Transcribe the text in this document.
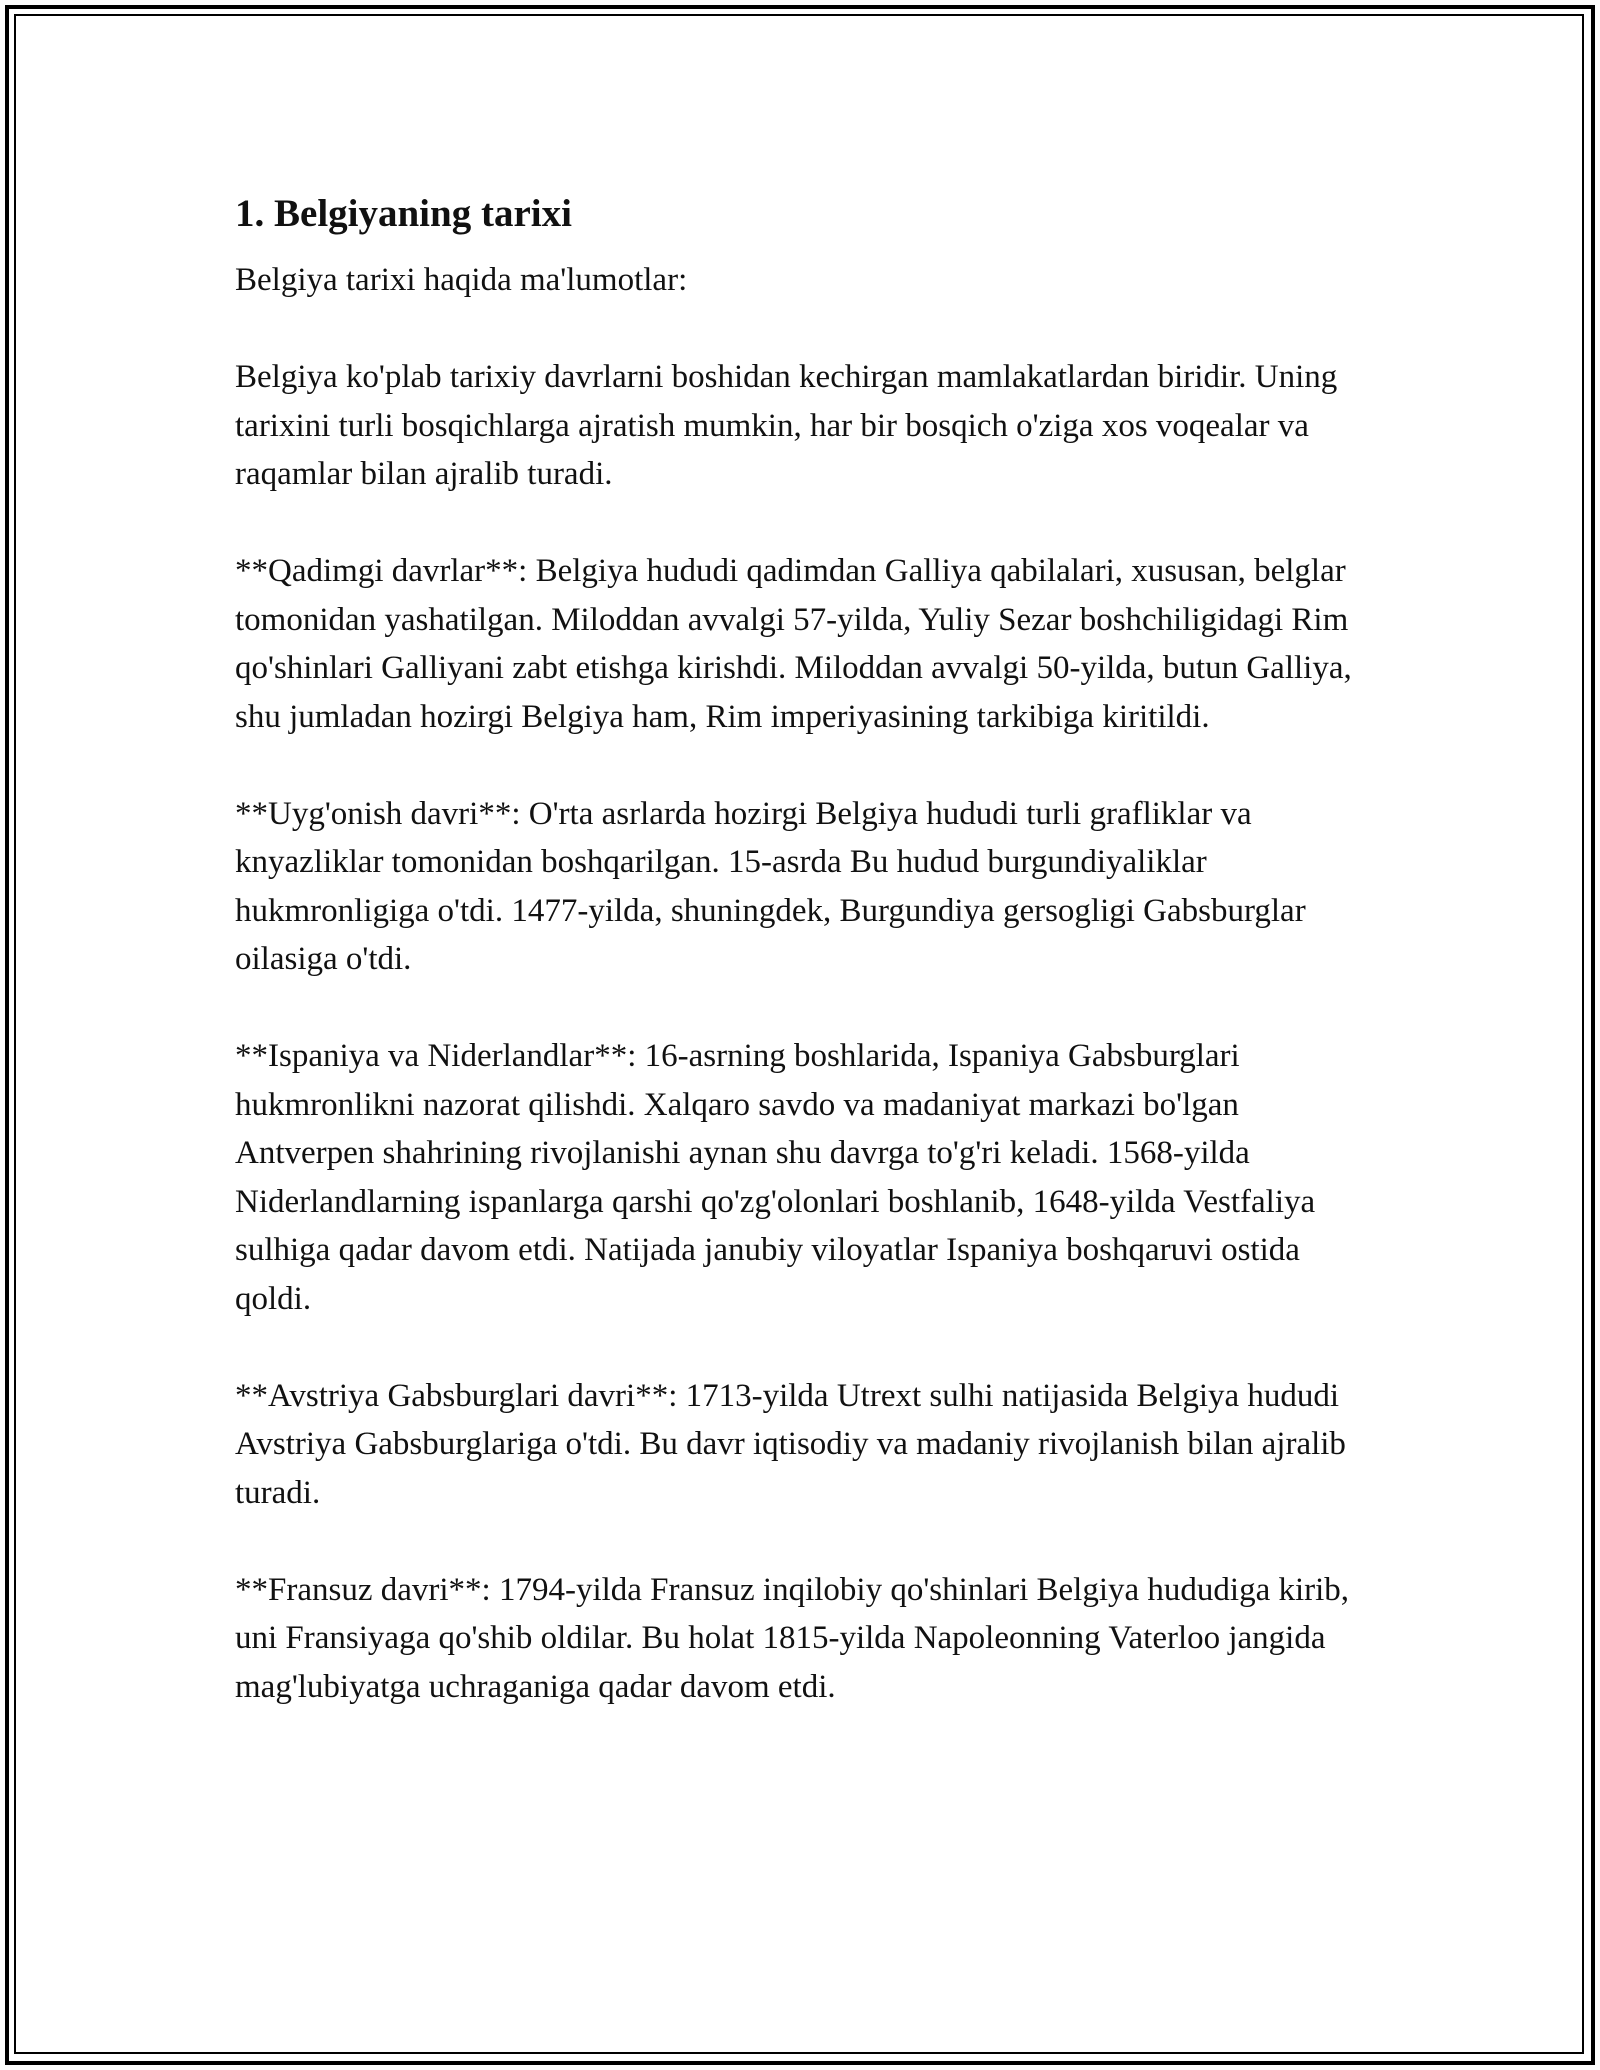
1. Belgiyaning tarixi

Belgiya tarixi haqida ma'lumotlar:

Belgiya ko'plab tarixiy davrlarni boshidan kechirgan mamlakatlardan biridir. Uning tarixini turli bosqichlarga ajratish mumkin, har bir bosqich o'ziga xos voqealar va raqamlar bilan ajralib turadi.

**Qadimgi davrlar**: Belgiya hududi qadimdan Galliya qabilalari, xususan, belglar tomonidan yashatilgan. Miloddan avvalgi 57-yilda, Yuliy Sezar boshchiligidagi Rim qo'shinlari Galliyani zabt etishga kirishdi. Miloddan avvalgi 50-yilda, butun Galliya, shu jumladan hozirgi Belgiya ham, Rim imperiyasining tarkibiga kiritildi.

**Uyg'onish davri**: O'rta asrlarda hozirgi Belgiya hududi turli grafliklar va knyazliklar tomonidan boshqarilgan. 15-asrda Bu hudud burgundiyaliklar hukmronligiga o'tdi. 1477-yilda, shuningdek, Burgundiya gersogligi Gabsburglar oilasiga o'tdi.

**Ispaniya va Niderlandlar**: 16-asrning boshlarida, Ispaniya Gabsburglari hukmronlikni nazorat qilishdi. Xalqaro savdo va madaniyat markazi bo'lgan Antverpen shahrining rivojlanishi aynan shu davrga to'g'ri keladi. 1568-yilda Niderlandlarning ispanlarga qarshi qo'zg'olonlari boshlanib, 1648-yilda Vestfaliya sulhiga qadar davom etdi. Natijada janubiy viloyatlar Ispaniya boshqaruvi ostida qoldi.

**Avstriya Gabsburglari davri**: 1713-yilda Utrext sulhi natijasida Belgiya hududi Avstriya Gabsburglariga o'tdi. Bu davr iqtisodiy va madaniy rivojlanish bilan ajralib turadi.

**Fransuz davri**: 1794-yilda Fransuz inqilobiy qo'shinlari Belgiya hududiga kirib, uni Fransiyaga qo'shib oldilar. Bu holat 1815-yilda Napoleonning Vaterloo jangida mag'lubiyatga uchraganiga qadar davom etdi.
